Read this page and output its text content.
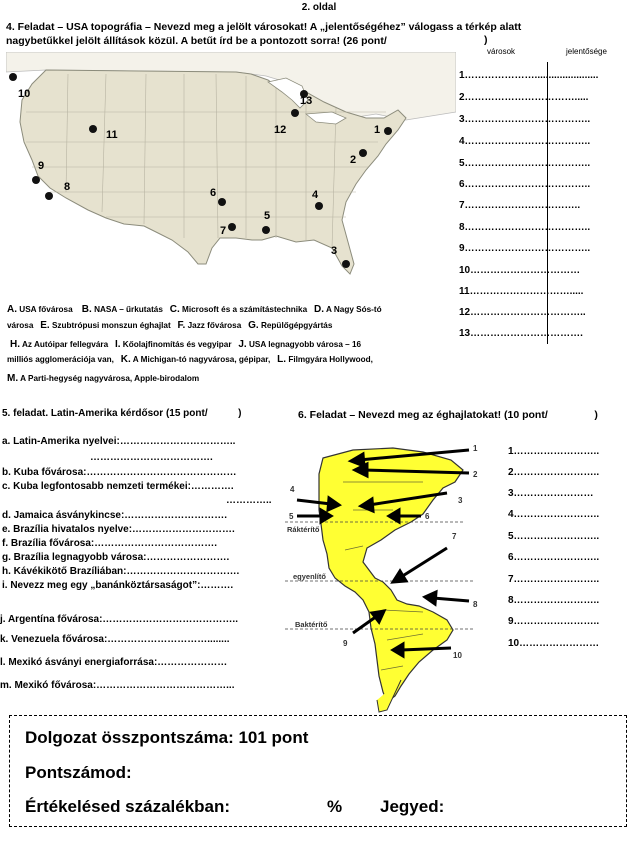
2. oldal
4. Feladat – USA topográfia – Nevezd meg a jelölt városokat! A „jelentőségéhez” válogass a térkép alatt
nagybetűkkel jelölt állítások közül. A betűt írd be a pontozott sorra! (26 pont/	)
városok	jelentősége
1
2
3
4
5
6
7
8
9
10
11	12
13
1………………….......................
2…………………………….....
3………………………………..
4………………………………..
5………………………………..
6………………………………..
7……………………………..
8………………………………..
9………………………………..
10……………………………
11………………………….....
12……………………………..
13…………………………….
A. USA fővárosa B. NASA – űrkutatás C. Microsoft és a számítástechnika D. A Nagy Sós-tó
városa E. Szubtrópusi monszun éghajlat F. Jazz fővárosa G. Repülőgépgyártás
H. Az Autóipar fellegvára I. Kőolajfinomítás és vegyipar J. USA legnagyobb városa – 16
milliós agglomerációja van, K. A Michigan-tó nagyvárosa, gépipar, L. Filmgyára Hollywood,
M. A Parti-hegység nagyvárosa, Apple-birodalom
5. feladat. Latin-Amerika kérdősor (15 pont/	)
a. Latin-Amerika nyelvei:……………………………..
……………………………….
b. Kuba fővárosa:………………………………………
c. Kuba legfontosabb nemzeti termékei:………….
…………..
d. Jamaica ásványkincse:………………………….
e. Brazília hivatalos nyelve:………………………….
f. Brazília fővárosa:……………………………….
g. Brazília legnagyobb városa:…………………….
h. Kávékikötő Brazíliában:…………………………….
i. Nevezz meg egy „banánköztársaságot”:……….
j. Argentína fővárosa:…………………………………..
k. Venezuela fővárosa:…………………………........
l. Mexikó ásványi energiaforrása:…………………
m. Mexikó fővárosa:…………………………………...
6. Feladat – Nevezd meg az éghajlatokat! (10 pont/	)
1
2
3
4
5	6
7
8
9
10
Ráktérítő
egyenlítő
Baktérítő
1……………………..
2……………………..
3……………………
4……………………..
5……………………..
6……………………..
7……………………..
8……………………..
9……………………..
10……………………
Dolgozat összpontszáma: 101 pont
Pontszámod:
Értékelésed százalékban:	% Jegyed:
